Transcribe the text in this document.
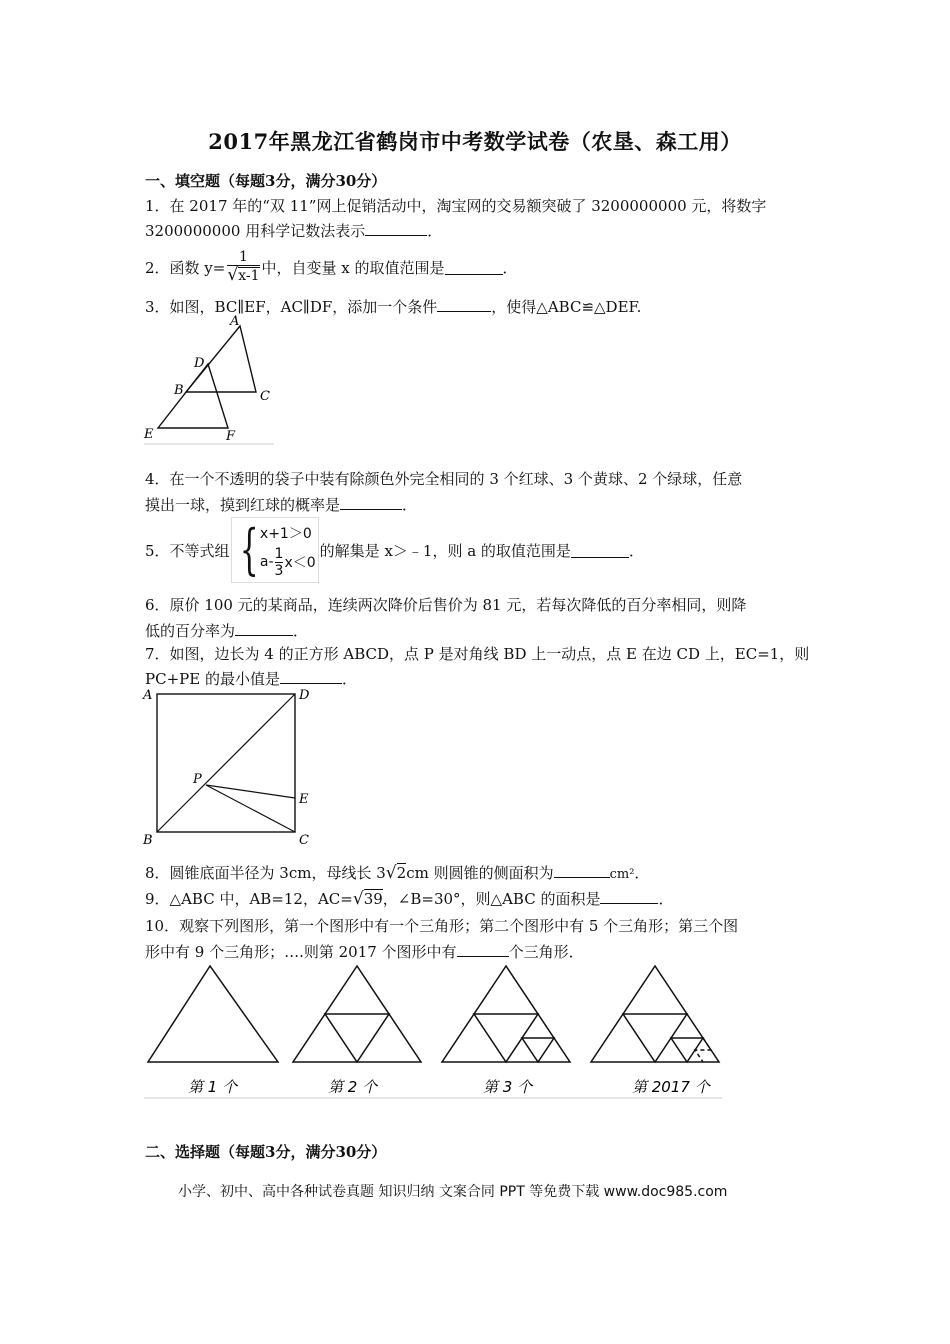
2017年黑龙江省鹤岗市中考数学试卷（农垦、森工用）
一、填空题（每题3分，满分30分）
1．在 2017 年的“双 11”网上促销活动中，淘宝网的交易额突破了 3200000000 元，将数字
3200000000 用科学记数法表示	．
2．函数 $y= \frac{1}{√x-1}$ 中，自变量 x 的取值范围是	．
3．如图，BC∥EF，AC∥DF，添加一个条件	，使得△ABC≌△DEF.
A
D
B	C
E	F
4．在一个不透明的袋子中装有除颜色外完全相同的 3 个红球、3 个黄球、2 个绿球，任意
摸出一球，摸到红球的概率是	．
5．不等式组 { x+1＞0
$a- \frac{1}{3} x<0$
的解集是 x＞﹣1，则 a 的取值范围是	．
6．原价 100 元的某商品，连续两次降价后售价为 81 元，若每次降低的百分率相同，则降
低的百分率为	．
7．如图，边长为 4 的正方形 ABCD，点 P 是对角线 BD 上一动点，点 E 在边 CD 上，EC=1，则
PC+PE 的最小值是	．
A	D
B	C
P
E
8．圆锥底面半径为 3cm，母线长 3√2cm 则圆锥的侧面积为	cm²．
9．△ABC 中，AB=12，AC=√39，∠B=30°，则△ABC 的面积是	．
10．观察下列图形，第一个图形中有一个三角形；第二个图形中有 5 个三角形；第三个图
形中有 9 个三角形；….则第 2017 个图形中有	个三角形．
第 1 个	第 2 个	第 3 个	第 2017 个
二、选择题（每题3分，满分30分）
小学、初中、高中各种试卷真题 知识归纳 文案合同 PPT 等免费下载 www.doc985.com
